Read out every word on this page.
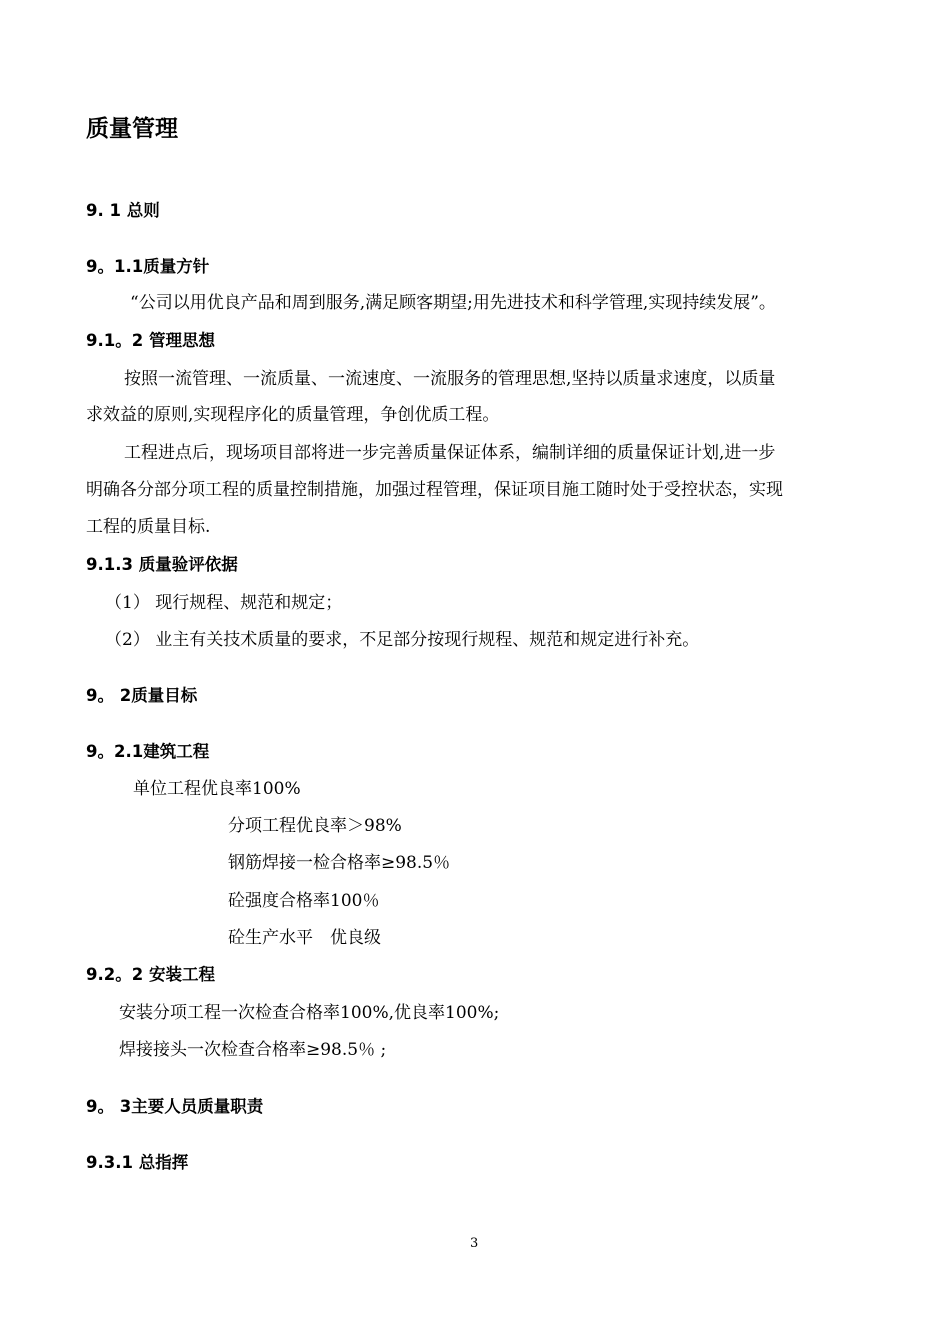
质量管理
9. 1 总则
9。1.1质量方针
“公司以用优良产品和周到服务,满足顾客期望;用先进技术和科学管理,实现持续发展”。
9.1。2 管理思想
按照一流管理、一流质量、一流速度、一流服务的管理思想,坚持以质量求速度，以质量
求效益的原则,实现程序化的质量管理，争创优质工程。
工程进点后，现场项目部将进一步完善质量保证体系，编制详细的质量保证计划,进一步
明确各分部分项工程的质量控制措施，加强过程管理，保证项目施工随时处于受控状态，实现
工程的质量目标.
9.1.3 质量验评依据
（1） 现行规程、规范和规定；
（2） 业主有关技术质量的要求，不足部分按现行规程、规范和规定进行补充。
9。 2质量目标
9。2.1建筑工程
单位工程优良率100%
分项工程优良率＞98%
钢筋焊接一检合格率≥98.5％
砼强度合格率100％
砼生产水平　优良级
9.2。2 安装工程
安装分项工程一次检查合格率100%,优良率100%;
焊接接头一次检查合格率≥98.5％ ;
9。 3主要人员质量职责
9.3.1 总指挥
3
